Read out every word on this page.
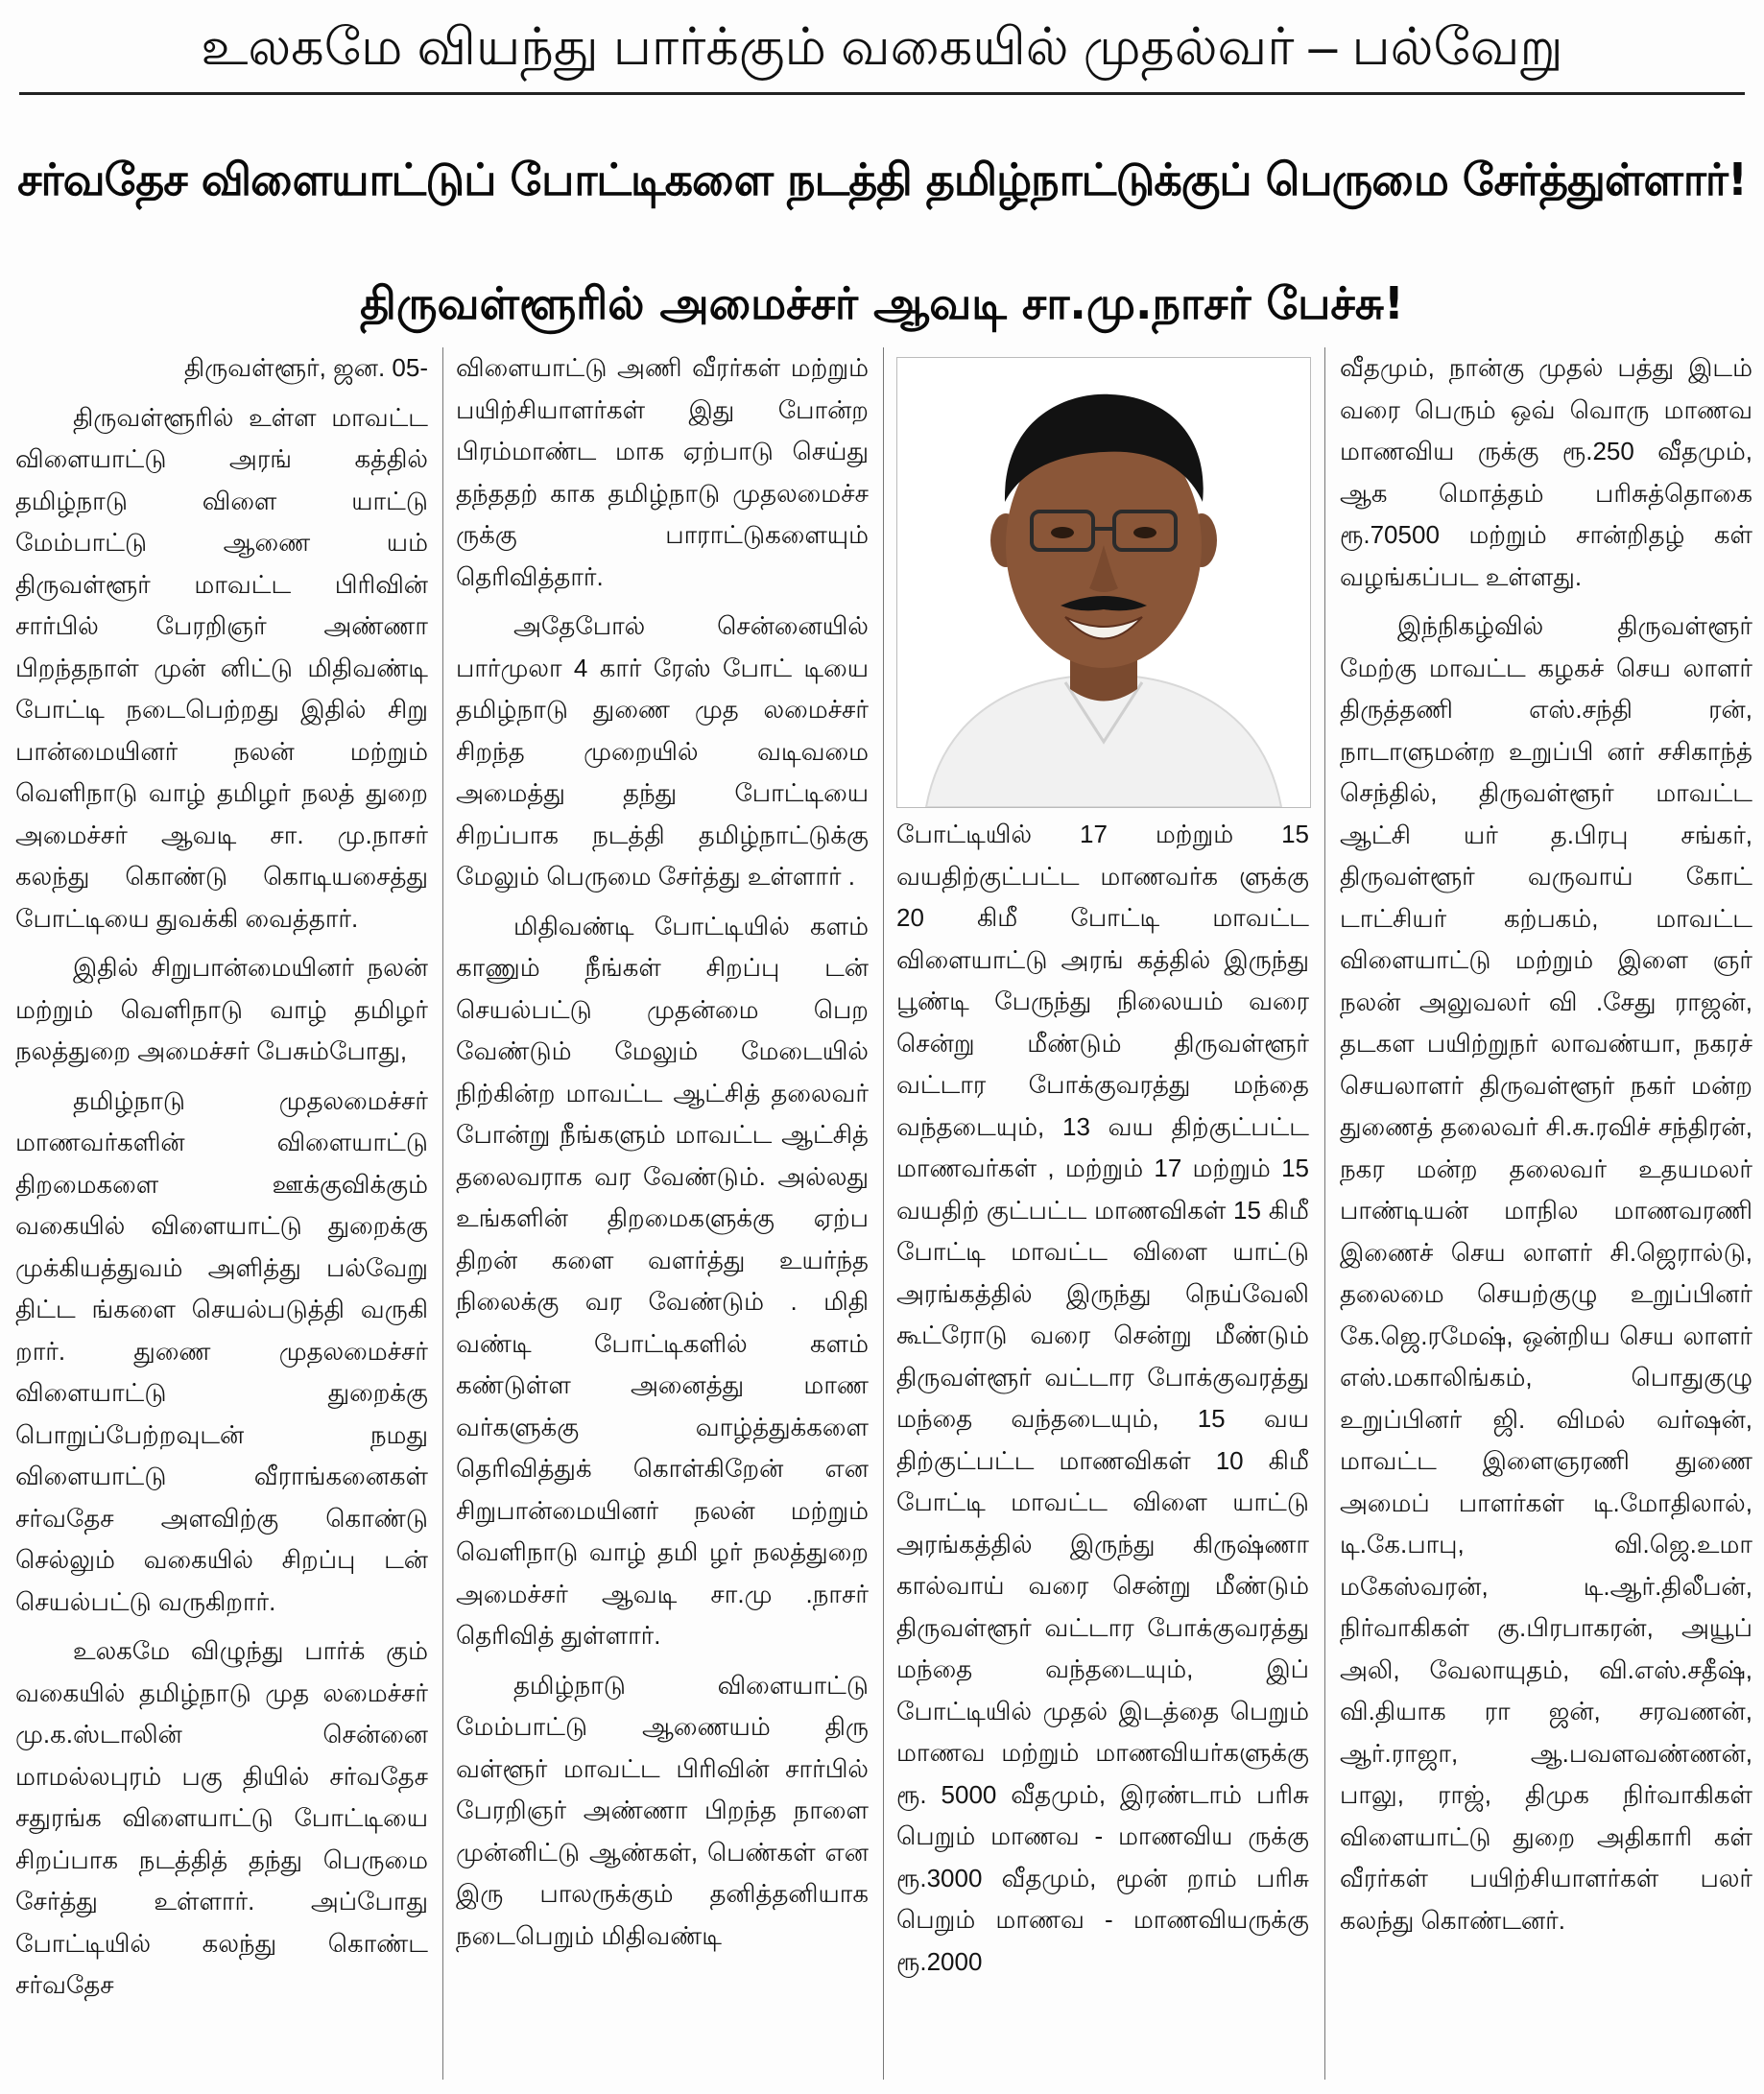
உலகமே வியந்து பார்க்கும் வகையில் முதல்வர் – பல்வேறு
சர்வதேச விளையாட்டுப் போட்டிகளை நடத்தி தமிழ்நாட்டுக்குப் பெருமை சேர்த்துள்ளார்!
திருவள்ளூரில் அமைச்சர் ஆவடி சா.மு.நாசர் பேச்சு!

திருவள்ளூர், ஜன. 05-

திருவள்ளூரில் உள்ள மாவட்ட விளையாட்டு அரங் கத்தில் தமிழ்நாடு விளை யாட்டு மேம்பாட்டு ஆணை யம் திருவள்ளூர் மாவட்ட பிரிவின் சார்பில் பேரறிஞர் அண்ணா பிறந்தநாள் முன் னிட்டு மிதிவண்டி போட்டி நடைபெற்றது இதில் சிறு பான்மையினர் நலன் மற்றும் வெளிநாடு வாழ் தமிழர் நலத் துறை அமைச்சர் ஆவடி சா. மு.நாசர் கலந்து கொண்டு கொடியசைத்து போட்டியை துவக்கி வைத்தார்.

இதில் சிறுபான்மையினர் நலன் மற்றும் வெளிநாடு வாழ் தமிழர் நலத்துறை அமைச்சர் பேசும்போது,

தமிழ்நாடு முதலமைச்சர் மாணவர்களின் விளையாட்டு திறமைகளை ஊக்குவிக்கும் வகையில் விளையாட்டு துறைக்கு முக்கியத்துவம் அளித்து பல்வேறு திட்ட ங்களை செயல்படுத்தி வருகி றார். துணை முதலமைச்சர் விளையாட்டு துறைக்கு பொறுப்பேற்றவுடன் நமது விளையாட்டு வீராங்கனைகள் சர்வதேச அளவிற்கு கொண்டு செல்லும் வகையில் சிறப்பு டன் செயல்பட்டு வருகிறார்.

உலகமே விழுந்து பார்க் கும் வகையில் தமிழ்நாடு முத லமைச்சர் மு.க.ஸ்டாலின் சென்னை மாமல்லபுரம் பகு தியில் சர்வதேச சதுரங்க விளையாட்டு போட்டியை சிறப்பாக நடத்தித் தந்து பெருமை சேர்த்து உள்ளார். அப்போது போட்டியில் கலந்து கொண்ட சர்வதேச

விளையாட்டு அணி வீரர்கள் மற்றும் பயிற்சியாளர்கள் இது போன்ற பிரம்மாண்ட மாக ஏற்பாடு செய்து தந்ததற் காக தமிழ்நாடு முதலமைச்ச ருக்கு பாராட்டுகளையும் தெரிவித்தார்.

அதேபோல் சென்னையில் பார்முலா 4 கார் ரேஸ் போட் டியை தமிழ்நாடு துணை முத லமைச்சர் சிறந்த முறையில் வடிவமை அமைத்து தந்து போட்டியை சிறப்பாக நடத்தி தமிழ்நாட்டுக்கு மேலும் பெருமை சேர்த்து உள்ளார் .

மிதிவண்டி போட்டியில் களம் காணும் நீங்கள் சிறப்பு டன் செயல்பட்டு முதன்மை பெற வேண்டும் மேலும் மேடையில் நிற்கின்ற மாவட்ட ஆட்சித் தலைவர் போன்று நீங்களும் மாவட்ட ஆட்சித் தலைவராக வர வேண்டும். அல்லது உங்களின் திறமைகளுக்கு ஏற்ப திறன் களை வளர்த்து உயர்ந்த நிலைக்கு வர வேண்டும் . மிதி வண்டி போட்டிகளில் களம் கண்டுள்ள அனைத்து மாண வர்களுக்கு வாழ்த்துக்களை தெரிவித்துக் கொள்கிறேன் என சிறுபான்மையினர் நலன் மற்றும் வெளிநாடு வாழ் தமி ழர் நலத்துறை அமைச்சர் ஆவடி சா.மு .நாசர் தெரிவித் துள்ளார்.

தமிழ்நாடு விளையாட்டு மேம்பாட்டு ஆணையம் திரு வள்ளூர் மாவட்ட பிரிவின் சார்பில் பேரறிஞர் அண்ணா பிறந்த நாளை முன்னிட்டு ஆண்கள், பெண்கள் என இரு பாலருக்கும் தனித்தனியாக நடைபெறும் மிதிவண்டி

போட்டியில் 17 மற்றும் 15 வயதிற்குட்பட்ட மாணவர்க ளுக்கு 20 கிமீ போட்டி மாவட்ட விளையாட்டு அரங் கத்தில் இருந்து பூண்டி பேருந்து நிலையம் வரை சென்று மீண்டும் திருவள்ளூர் வட்டார போக்குவரத்து மந்தை வந்தடையும், 13 வய திற்குட்பட்ட மாணவர்கள் , மற்றும் 17 மற்றும் 15 வயதிற் குட்பட்ட மாணவிகள் 15 கிமீ போட்டி மாவட்ட விளை யாட்டு அரங்கத்தில் இருந்து நெய்வேலி கூட்ரோடு வரை சென்று மீண்டும் திருவள்ளூர் வட்டார போக்குவரத்து மந்தை வந்தடையும், 15 வய திற்குட்பட்ட மாணவிகள் 10 கிமீ போட்டி மாவட்ட விளை யாட்டு அரங்கத்தில் இருந்து கிருஷ்ணா கால்வாய் வரை சென்று மீண்டும் திருவள்ளூர் வட்டார போக்குவரத்து மந்தை வந்தடையும், இப் போட்டியில் முதல் இடத்தை பெறும் மாணவ மற்றும் மாணவியர்களுக்கு ரூ. 5000 வீதமும், இரண்டாம் பரிசு பெறும் மாணவ - மாணவிய ருக்கு ரூ.3000 வீதமும், மூன் றாம் பரிசு பெறும் மாணவ - மாணவியருக்கு ரூ.2000

வீதமும், நான்கு முதல் பத்து இடம் வரை பெரும் ஒவ் வொரு மாணவ மாணவிய ருக்கு ரூ.250 வீதமும், ஆக மொத்தம் பரிசுத்தொகை ரூ.70500 மற்றும் சான்றிதழ் கள் வழங்கப்பட உள்ளது.

இந்நிகழ்வில் திருவள்ளூர் மேற்கு மாவட்ட கழகச் செய லாளர் திருத்தணி எஸ்.சந்தி ரன், நாடாளுமன்ற உறுப்பி னர் சசிகாந்த் செந்தில், திருவள்ளூர் மாவட்ட ஆட்சி யர் த.பிரபு சங்கர், திருவள்ளூர் வருவாய் கோட் டாட்சியர் கற்பகம், மாவட்ட விளையாட்டு மற்றும் இளை ஞர் நலன் அலுவலர் வி .சேது ராஜன், தடகள பயிற்றுநர் லாவண்யா, நகரச் செயலாளர் திருவள்ளூர் நகர் மன்ற துணைத் தலைவர் சி.சு.ரவிச் சந்திரன், நகர மன்ற தலைவர் உதயமலர் பாண்டியன் மாநில மாணவரணி இணைச் செய லாளர் சி.ஜெரால்டு, தலைமை செயற்குழு உறுப்பினர் கே.ஜெ.ரமேஷ், ஒன்றிய செய லாளர் எஸ்.மகாலிங்கம், பொதுகுழு உறுப்பினர் ஜி. விமல் வர்ஷன், மாவட்ட இளைஞரணி துணை அமைப் பாளர்கள் டி.மோதிலால், டி.கே.பாபு, வி.ஜெ.உமா மகேஸ்வரன், டி.ஆர்.திலீபன், நிர்வாகிகள் கு.பிரபாகரன், அயூப் அலி, வேலாயுதம், வி.எஸ்.சதீஷ், வி.தியாக ரா ஜன், சரவணன், ஆர்.ராஜா, ஆ.பவளவண்ணன், பாலு, ராஜ், திமுக நிர்வாகிகள் விளையாட்டு துறை அதிகாரி கள் வீரர்கள் பயிற்சியாளர்கள் பலர் கலந்து கொண்டனர்.
